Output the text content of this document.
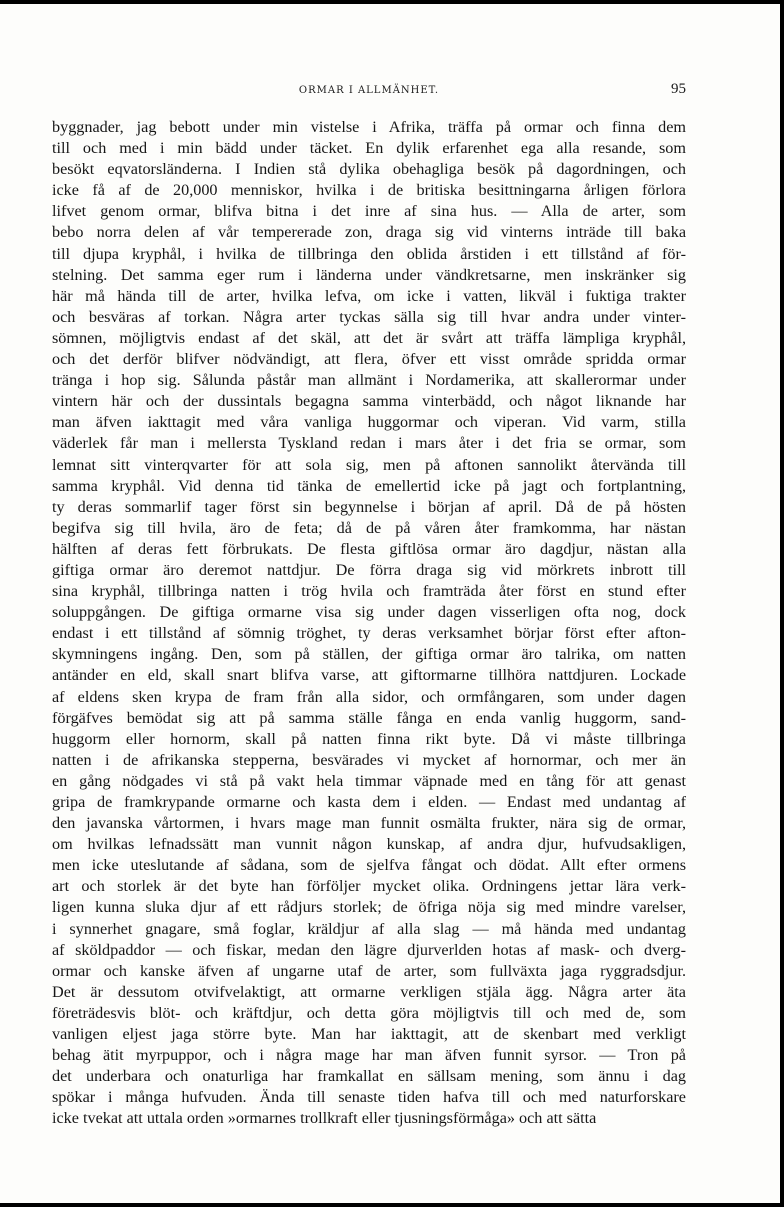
ORMAR I ALLMÄNHET.	95
byggnader, jag bebott under min vistelse i Afrika, träffa på ormar och finna dem
till och med i min bädd under täcket. En dylik erfarenhet ega alla resande, som
besökt eqvatorsländerna. I Indien stå dylika obehagliga besök på dagordningen, och
icke få af de 20,000 menniskor, hvilka i de britiska besittningarna årligen förlora
lifvet genom ormar, blifva bitna i det inre af sina hus. — Alla de arter, som
bebo norra delen af vår tempererade zon, draga sig vid vinterns inträde till baka
till djupa kryphål, i hvilka de tillbringa den oblida årstiden i ett tillstånd af för-
stelning. Det samma eger rum i länderna under vändkretsarne, men inskränker sig
här må hända till de arter, hvilka lefva, om icke i vatten, likväl i fuktiga trakter
och besväras af torkan. Några arter tyckas sälla sig till hvar andra under vinter-
sömnen, möjligtvis endast af det skäl, att det är svårt att träffa lämpliga kryphål,
och det derför blifver nödvändigt, att flera, öfver ett visst område spridda ormar
tränga i hop sig. Sålunda påstår man allmänt i Nordamerika, att skallerormar under
vintern här och der dussintals begagna samma vinterbädd, och något liknande har
man äfven iakttagit med våra vanliga huggormar och viperan. Vid varm, stilla
väderlek får man i mellersta Tyskland redan i mars åter i det fria se ormar, som
lemnat sitt vinterqvarter för att sola sig, men på aftonen sannolikt återvända till
samma kryphål. Vid denna tid tänka de emellertid icke på jagt och fortplantning,
ty deras sommarlif tager först sin begynnelse i början af april. Då de på hösten
begifva sig till hvila, äro de feta; då de på våren åter framkomma, har nästan
hälften af deras fett förbrukats. De flesta giftlösa ormar äro dagdjur, nästan alla
giftiga ormar äro deremot nattdjur. De förra draga sig vid mörkrets inbrott till
sina kryphål, tillbringa natten i trög hvila och framträda åter först en stund efter
soluppgången. De giftiga ormarne visa sig under dagen visserligen ofta nog, dock
endast i ett tillstånd af sömnig tröghet, ty deras verksamhet börjar först efter afton-
skymningens ingång. Den, som på ställen, der giftiga ormar äro talrika, om natten
antänder en eld, skall snart blifva varse, att giftormarne tillhöra nattdjuren. Lockade
af eldens sken krypa de fram från alla sidor, och ormfångaren, som under dagen
förgäfves bemödat sig att på samma ställe fånga en enda vanlig huggorm, sand-
huggorm eller hornorm, skall på natten finna rikt byte. Då vi måste tillbringa
natten i de afrikanska stepperna, besvärades vi mycket af hornormar, och mer än
en gång nödgades vi stå på vakt hela timmar väpnade med en tång för att genast
gripa de framkrypande ormarne och kasta dem i elden. — Endast med undantag af
den javanska vårtormen, i hvars mage man funnit osmälta frukter, nära sig de ormar,
om hvilkas lefnadssätt man vunnit någon kunskap, af andra djur, hufvudsakligen,
men icke uteslutande af sådana, som de sjelfva fångat och dödat. Allt efter ormens
art och storlek är det byte han förföljer mycket olika. Ordningens jettar lära verk-
ligen kunna sluka djur af ett rådjurs storlek; de öfriga nöja sig med mindre varelser,
i synnerhet gnagare, små foglar, kräldjur af alla slag — må hända med undantag
af sköldpaddor — och fiskar, medan den lägre djurverlden hotas af mask- och dverg-
ormar och kanske äfven af ungarne utaf de arter, som fullväxta jaga ryggradsdjur.
Det är dessutom otvifvelaktigt, att ormarne verkligen stjäla ägg. Några arter äta
företrädesvis blöt- och kräftdjur, och detta göra möjligtvis till och med de, som
vanligen eljest jaga större byte. Man har iakttagit, att de skenbart med verkligt
behag ätit myrpuppor, och i några mage har man äfven funnit syrsor. — Tron på
det underbara och onaturliga har framkallat en sällsam mening, som ännu i dag
spökar i många hufvuden. Ända till senaste tiden hafva till och med naturforskare
icke tvekat att uttala orden »ormarnes trollkraft eller tjusningsförmåga» och att sätta
